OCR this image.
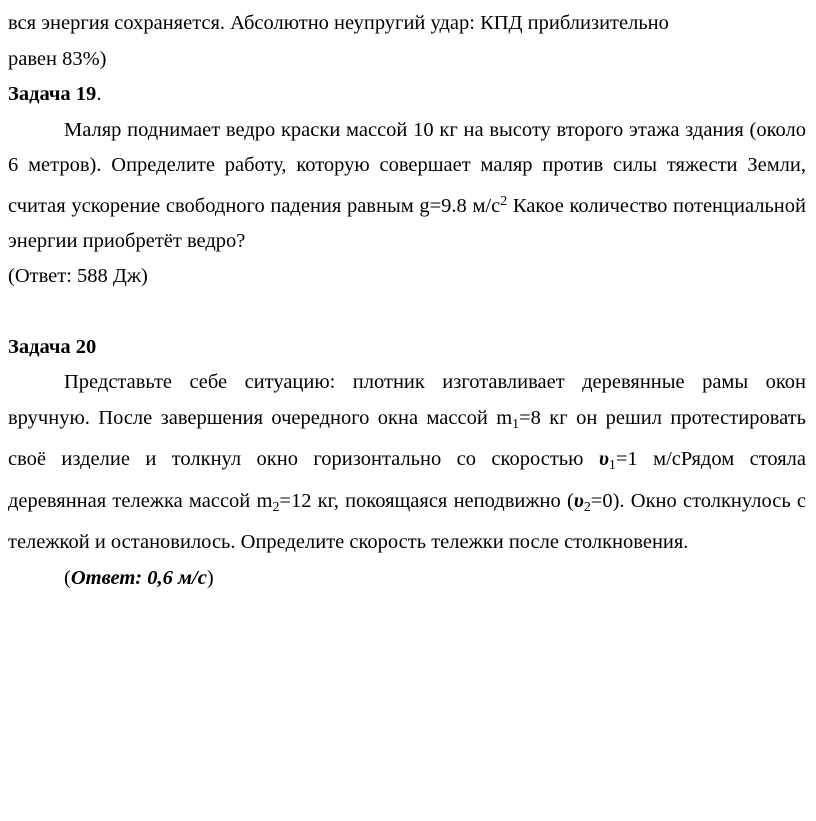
вся энергия сохраняется. Абсолютно неупругий удар: КПД приблизительно

равен 83%)

Задача 19.

Маляр поднимает ведро краски массой 10 кг на высоту второго этажа здания (около 6 метров). Определите работу, которую совершает маляр против силы тяжести Земли, считая ускорение свободного падения равным g=9.8 $м/с^2$ Какое количество потенциальной энергии приобретёт ведро?

(Ответ: 588 Дж)

Задача 20

Представьте себе ситуацию: плотник изготавливает деревянные рамы окон вручную. После завершения очередного окна массой $m_1=8$ кг он решил протестировать своё изделие и толкнул окно горизонтально со скоростью $\upsilon_1=1$ м/сРядом стояла деревянная тележка массой $m_2=12$ кг, покоящаяся неподвижно $(\upsilon_2=0)$. Окно столкнулось с тележкой и остановилось. Определите скорость тележки после столкновения.

(Ответ: 0,6 м/с)
